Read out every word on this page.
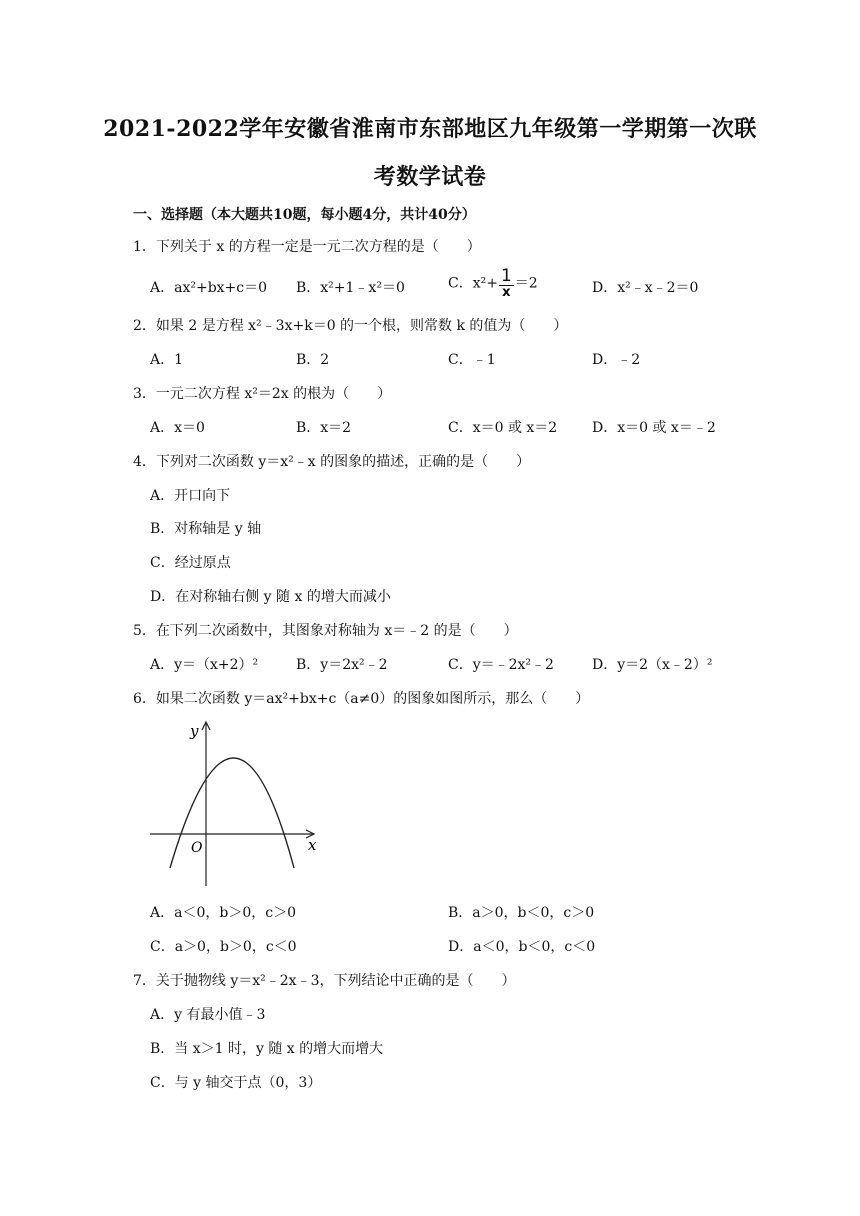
2021-2022学年安徽省淮南市东部地区九年级第一学期第一次联
考数学试卷
一、选择题（本大题共10题，每小题4分，共计40分）
1．下列关于 x 的方程一定是一元二次方程的是（　　）
A．ax²+bx+c＝0 B．x²+1﹣x²＝0	C．$x^2+ \frac{1}{x} =2$	D．x²﹣x﹣2＝0
2．如果 2 是方程 x²﹣3x+k＝0 的一个根，则常数 k 的值为（　　）
A．1	B．2	C．﹣1	D．﹣2
3．一元二次方程 x²＝2x 的根为（　　）
A．x＝0	B．x＝2	C．x＝0 或 x＝2 D．x＝0 或 x＝﹣2
4．下列对二次函数 y＝x²﹣x 的图象的描述，正确的是（　　）
A．开口向下
B．对称轴是 y 轴
C．经过原点
D．在对称轴右侧 y 随 x 的增大而减小
5．在下列二次函数中，其图象对称轴为 x＝﹣2 的是（　　）
A．y＝（x+2）²	B．y＝2x²﹣2	C．y＝﹣2x²﹣2	D．y＝2（x﹣2）²
6．如果二次函数 y＝ax²+bx+c（a≠0）的图象如图所示，那么（　　）
y
x
O
A．a＜0，b＞0，c＞0	B．a＞0，b＜0，c＞0
C．a＞0，b＞0，c＜0	D．a＜0，b＜0，c＜0
7．关于抛物线 y＝x²﹣2x﹣3，下列结论中正确的是（　　）
A．y 有最小值﹣3
B．当 x＞1 时，y 随 x 的增大而增大
C．与 y 轴交于点（0，3）
